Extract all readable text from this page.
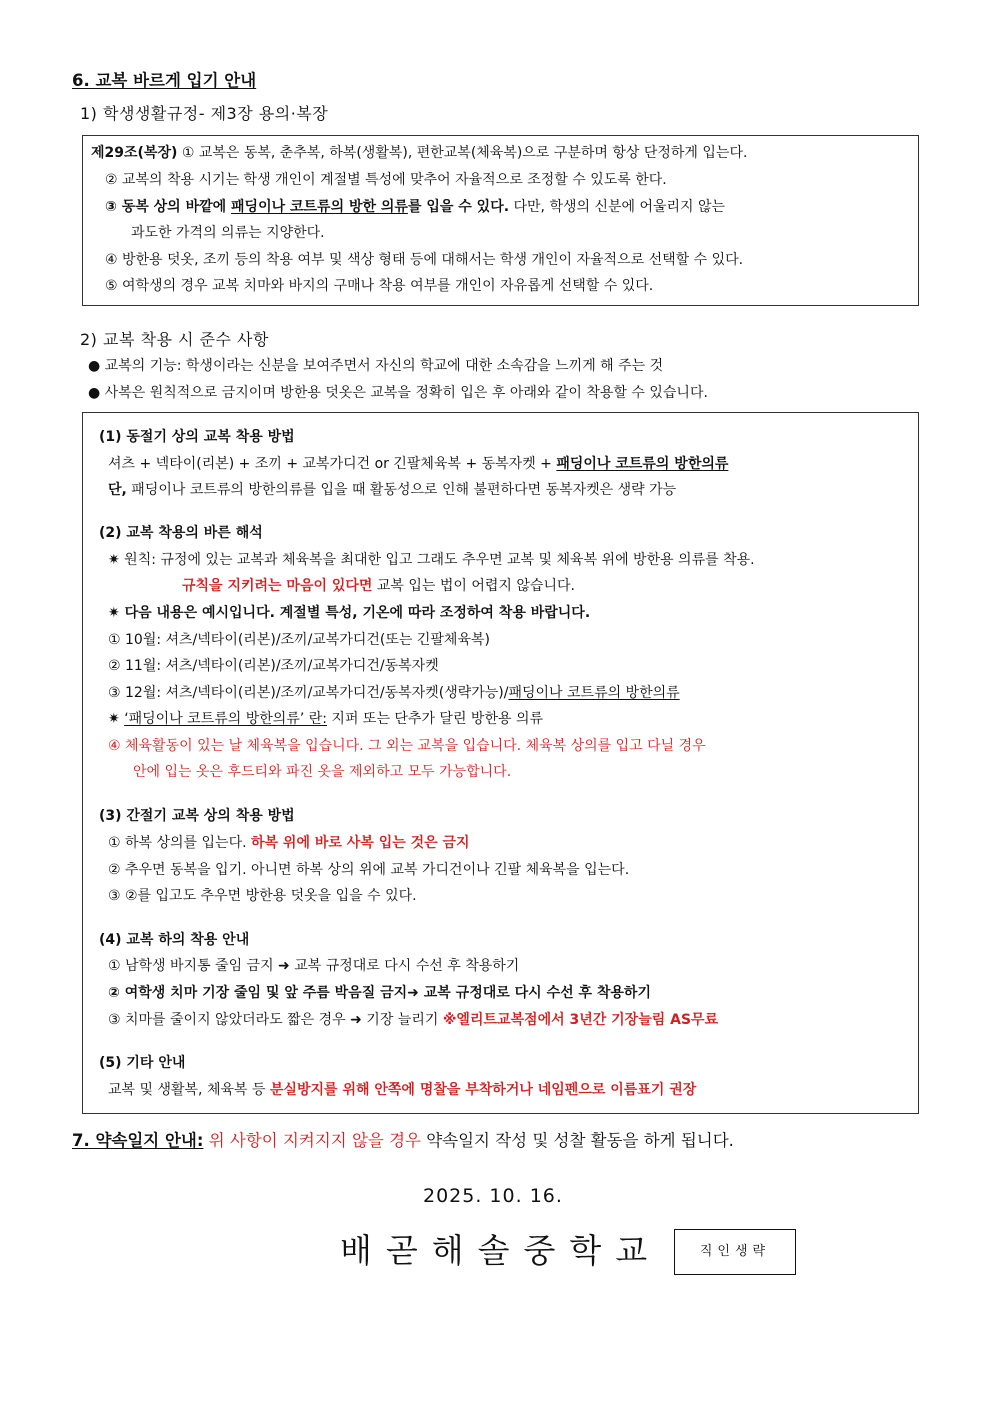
6. 교복 바르게 입기 안내
1) 학생생활규정- 제3장 용의·복장
제29조(복장) ① 교복은 동복, 춘추복, 하복(생활복), 편한교복(체육복)으로 구분하며 항상 단정하게 입는다.
② 교복의 착용 시기는 학생 개인이 계절별 특성에 맞추어 자율적으로 조정할 수 있도록 한다.
③ 동복 상의 바깥에 패딩이나 코트류의 방한 의류를 입을 수 있다. 다만, 학생의 신분에 어울리지 않는
과도한 가격의 의류는 지양한다.
④ 방한용 덧옷, 조끼 등의 착용 여부 및 색상 형태 등에 대해서는 학생 개인이 자율적으로 선택할 수 있다.
⑤ 여학생의 경우 교복 치마와 바지의 구매나 착용 여부를 개인이 자유롭게 선택할 수 있다.
2) 교복 착용 시 준수 사항
● 교복의 기능: 학생이라는 신분을 보여주면서 자신의 학교에 대한 소속감을 느끼게 해 주는 것
● 사복은 원칙적으로 금지이며 방한용 덧옷은 교복을 정확히 입은 후 아래와 같이 착용할 수 있습니다.
(1) 동절기 상의 교복 착용 방법
셔츠 + 넥타이(리본) + 조끼 + 교복가디건 or 긴팔체육복 + 동복자켓 + 패딩이나 코트류의 방한의류
단, 패딩이나 코트류의 방한의류를 입을 때 활동성으로 인해 불편하다면 동복자켓은 생략 가능
(2) 교복 착용의 바른 해석
✷ 원칙: 규정에 있는 교복과 체육복을 최대한 입고 그래도 추우면 교복 및 체육복 위에 방한용 의류를 착용.
규칙을 지키려는 마음이 있다면 교복 입는 법이 어렵지 않습니다.
✷ 다음 내용은 예시입니다. 계절별 특성, 기온에 따라 조정하여 착용 바랍니다.
① 10월: 셔츠/넥타이(리본)/조끼/교복가디건(또는 긴팔체육복)
② 11월: 셔츠/넥타이(리본)/조끼/교복가디건/동복자켓
③ 12월: 셔츠/넥타이(리본)/조끼/교복가디건/동복자켓(생략가능)/패딩이나 코트류의 방한의류
✷ ‘패딩이나 코트류의 방한의류’ 란: 지퍼 또는 단추가 달린 방한용 의류
④ 체육활동이 있는 날 체육복을 입습니다. 그 외는 교복을 입습니다. 체육복 상의를 입고 다닐 경우
안에 입는 옷은 후드티와 파진 옷을 제외하고 모두 가능합니다.
(3) 간절기 교복 상의 착용 방법
① 하복 상의를 입는다. 하복 위에 바로 사복 입는 것은 금지
② 추우면 동복을 입기. 아니면 하복 상의 위에 교복 가디건이나 긴팔 체육복을 입는다.
③ ②를 입고도 추우면 방한용 덧옷을 입을 수 있다.
(4) 교복 하의 착용 안내
① 남학생 바지통 줄임 금지 ➜ 교복 규정대로 다시 수선 후 착용하기
② 여학생 치마 기장 줄임 및 앞 주름 박음질 금지➜ 교복 규정대로 다시 수선 후 착용하기
③ 치마를 줄이지 않았더라도 짧은 경우 ➜ 기장 늘리기 ※엘리트교복점에서 3년간 기장늘림 AS무료
(5) 기타 안내
교복 및 생활복, 체육복 등 분실방지를 위해 안쪽에 명찰을 부착하거나 네임펜으로 이름표기 권장
7. 약속일지 안내: 위 사항이 지켜지지 않을 경우 약속일지 작성 및 성찰 활동을 하게 됩니다.
2025. 10. 16.
배곧해솔중학교	직인생략
